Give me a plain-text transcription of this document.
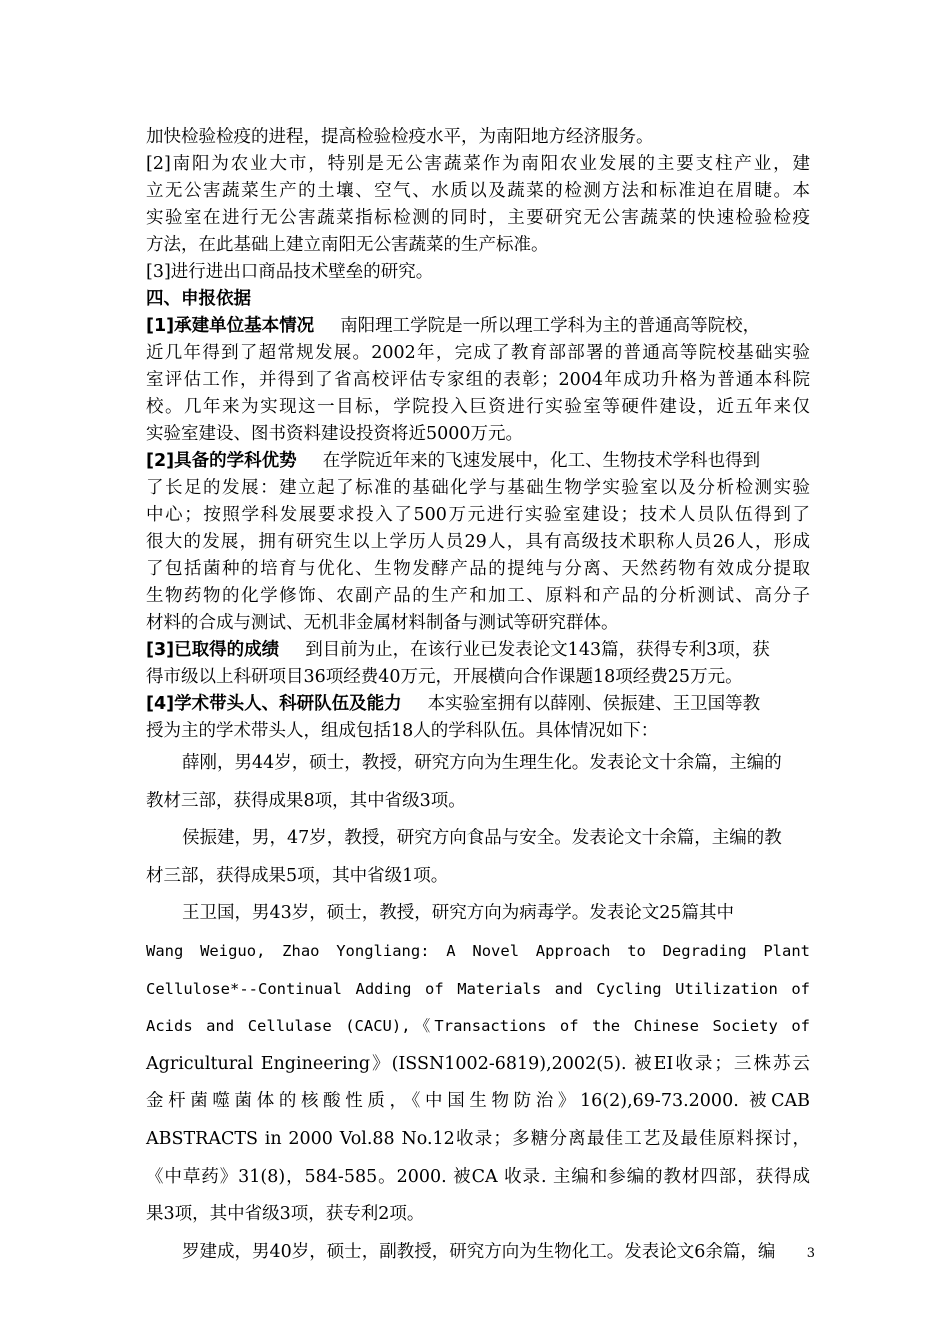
加快检验检疫的进程，提高检验检疫水平，为南阳地方经济服务。
[2]南阳为农业大市，特别是无公害蔬菜作为南阳农业发展的主要支柱产业，建
立无公害蔬菜生产的土壤、空气、水质以及蔬菜的检测方法和标准迫在眉睫。本
实验室在进行无公害蔬菜指标检测的同时，主要研究无公害蔬菜的快速检验检疫
方法，在此基础上建立南阳无公害蔬菜的生产标准。
[3]进行进出口商品技术壁垒的研究。
四、申报依据
[1]承建单位基本情况 南阳理工学院是一所以理工学科为主的普通高等院校，
近几年得到了超常规发展。2002年，完成了教育部部署的普通高等院校基础实验
室评估工作，并得到了省高校评估专家组的表彰；2004年成功升格为普通本科院
校。几年来为实现这一目标，学院投入巨资进行实验室等硬件建设，近五年来仅
实验室建设、图书资料建设投资将近5000万元。
[2]具备的学科优势 在学院近年来的飞速发展中，化工、生物技术学科也得到
了长足的发展：建立起了标准的基础化学与基础生物学实验室以及分析检测实验
中心；按照学科发展要求投入了500万元进行实验室建设；技术人员队伍得到了
很大的发展，拥有研究生以上学历人员29人，具有高级技术职称人员26人，形成
了包括菌种的培育与优化、生物发酵产品的提纯与分离、天然药物有效成分提取
生物药物的化学修饰、农副产品的生产和加工、原料和产品的分析测试、高分子
材料的合成与测试、无机非金属材料制备与测试等研究群体。
[3]已取得的成绩 到目前为止，在该行业已发表论文143篇，获得专利3项，获
得市级以上科研项目36项经费40万元，开展横向合作课题18项经费25万元。
[4]学术带头人、科研队伍及能力 本实验室拥有以薛刚、侯振建、王卫国等教
授为主的学术带头人，组成包括18人的学科队伍。具体情况如下：
薛刚，男44岁，硕士，教授，研究方向为生理生化。发表论文十余篇，主编的
教材三部，获得成果8项，其中省级3项。
侯振建，男，47岁，教授，研究方向食品与安全。发表论文十余篇，主编的教
材三部，获得成果5项，其中省级1项。
王卫国，男43岁，硕士，教授，研究方向为病毒学。发表论文25篇其中
Wang Weiguo, Zhao Yongliang: A Novel Approach to Degrading Plant
Cellulose*--Continual Adding of Materials and Cycling Utilization of
Acids and Cellulase (CACU),《Transactions of the Chinese Society of
Agricultural Engineering》(ISSN1002-6819),2002(5). 被EI收录；三株苏云
金杆菌噬菌体的核酸性质，《中国生物防治》16(2),69-73.2000. 被CAB
ABSTRACTS in 2000 Vol.88 No.12收录；多糖分离最佳工艺及最佳原料探讨，
《中草药》31(8)，584-585。2000. 被CA 收录. 主编和参编的教材四部，获得成
果3项，其中省级3项，获专利2项。
罗建成，男40岁，硕士，副教授，研究方向为生物化工。发表论文6余篇，编	3
